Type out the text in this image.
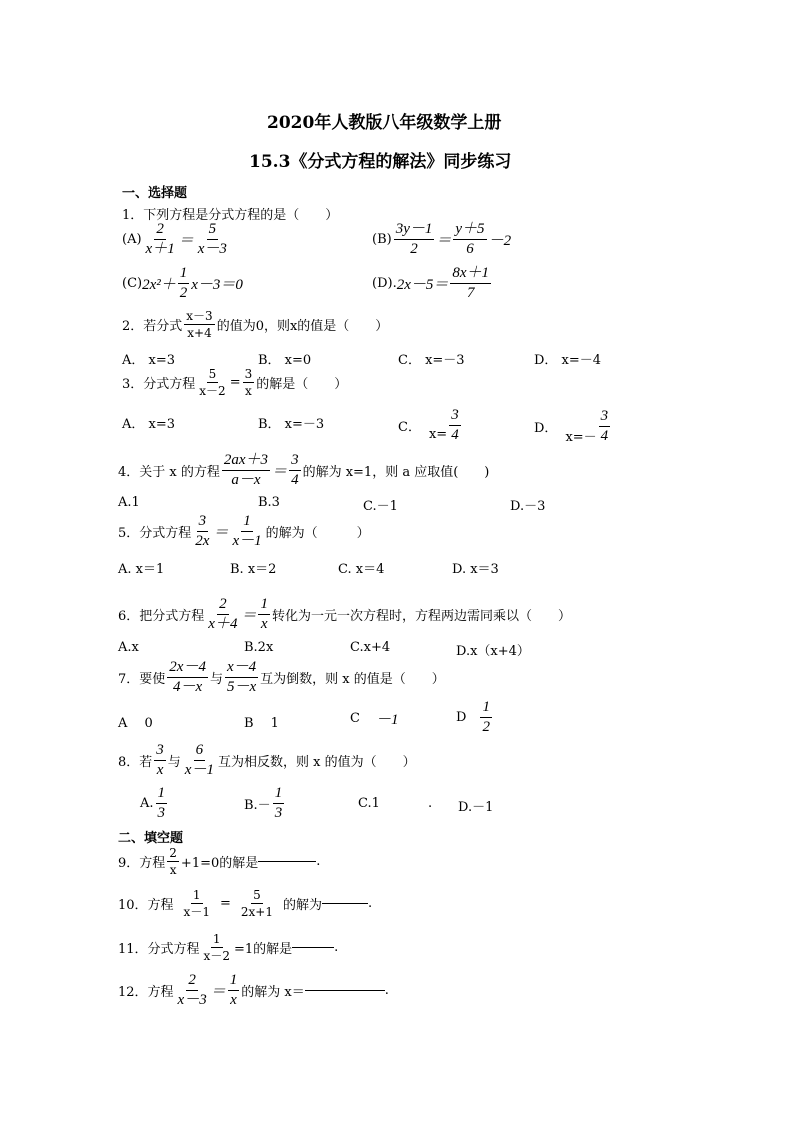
2020年人教版八年级数学上册
15.3《分式方程的解法》同步练习
一、选择题
1．下列方程是分式方程的是（　　）
$(A) \frac{2}{x+1} = \frac{5}{x-3}$	$(B) \frac{3y-1}{2} = \frac{y+5}{6} -2$
(C) $2x^2+ \frac{1}{2} x-3=0$	(D). $2x-5= \frac{8x+1}{7}$
2．若分式 $\frac{x-3}{x+4}$ 的值为0，则x的值是（　　）
A． x=3	B． x=0	C． x=－3	D． x=－4
3．分式方程 $\frac{5}{x-2} = \frac{3}{x}$ 的解是（　　）
A． x=3	B． x=－3	C． $x= \frac{3}{4}$	D．
$x=- \frac{3}{4}$
4．关于 x 的方程 $\frac{2ax+3}{a-x} = \frac{3}{4}$ 的解为 x=1，则 a 应取值(　　)
A.1	B.3	C.－1	D.－3
5．分式方程 $\frac{3}{2x} = \frac{1}{x-1}$ 的解为（　　　）
A. x＝1	B. x＝2	C. x＝4	D. x＝3
6．把分式方程 $\frac{2}{x+4} = \frac{1}{x}$ 转化为一元一次方程时，方程两边需同乘以（　　）
A.x	B.2x	C.x+4	D.x（x+4）
7．要使 $\frac{2x-4}{4-x}$ 与 $\frac{x-4}{5-x}$ 互为倒数，则 x 的值是（　　）
A　 0	B　 1	C －1	D $\frac{1}{2}$
8．若 $\frac{3}{x}$ 与 $\frac{6}{x-1}$ 互为相反数，则 x 的值为（　　）
A. $\frac{1}{3}$	$B.- \frac{1}{3}$	C.1	. D.－1
二、填空题
9．方程 $\frac{2}{x} +1=0$的解是	.
10．方程 $\frac{1}{x-1} = \frac{5}{2x+1}$ 的解为	.
11．分式方程 $\frac{1}{x-2} =1$的解是	.
12．方程 $\frac{2}{x-3} = \frac{1}{x}$ 的解为 x＝	.
